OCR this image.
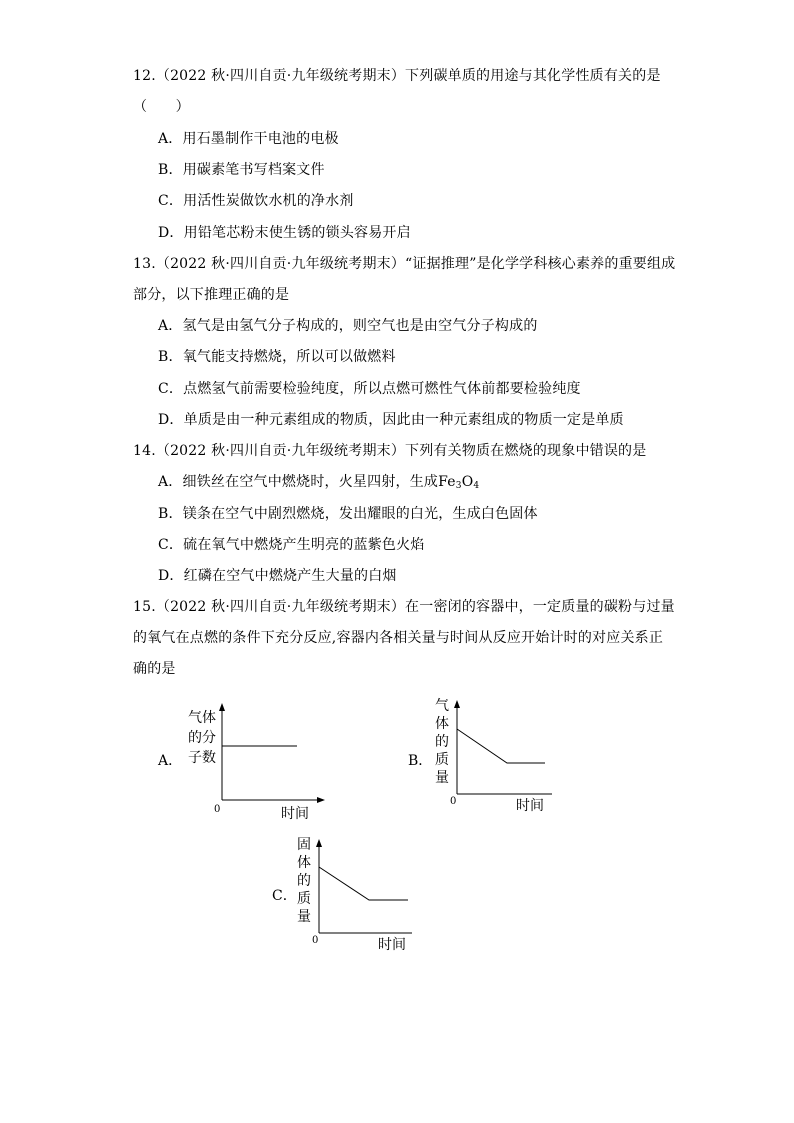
12.（2022 秋·四川自贡·九年级统考期末）下列碳单质的用途与其化学性质有关的是
（　　）
A．用石墨制作干电池的电极
B．用碳素笔书写档案文件
C．用活性炭做饮水机的净水剂
D．用铅笔芯粉末使生锈的锁头容易开启
13.（2022 秋·四川自贡·九年级统考期末）“证据推理”是化学学科核心素养的重要组成
部分，以下推理正确的是
A．氢气是由氢气分子构成的，则空气也是由空气分子构成的
B．氧气能支持燃烧，所以可以做燃料
C．点燃氢气前需要检验纯度，所以点燃可燃性气体前都要检验纯度
D．单质是由一种元素组成的物质，因此由一种元素组成的物质一定是单质
14.（2022 秋·四川自贡·九年级统考期末）下列有关物质在燃烧的现象中错误的是
A．细铁丝在空气中燃烧时，火星四射，生成$Fe_3O_4$
B．镁条在空气中剧烈燃烧，发出耀眼的白光，生成白色固体
C．硫在氧气中燃烧产生明亮的蓝紫色火焰
D．红磷在空气中燃烧产生大量的白烟
15.（2022 秋·四川自贡·九年级统考期末）在一密闭的容器中，一定质量的碳粉与过量
的氧气在点燃的条件下充分反应,容器内各相关量与时间从反应开始计时的对应关系正
确的是
A．
气体
的分
子数
0	时间
B．
气
体
的
质
量
0	时间
C．
固
体
的
质
量
0	时间
